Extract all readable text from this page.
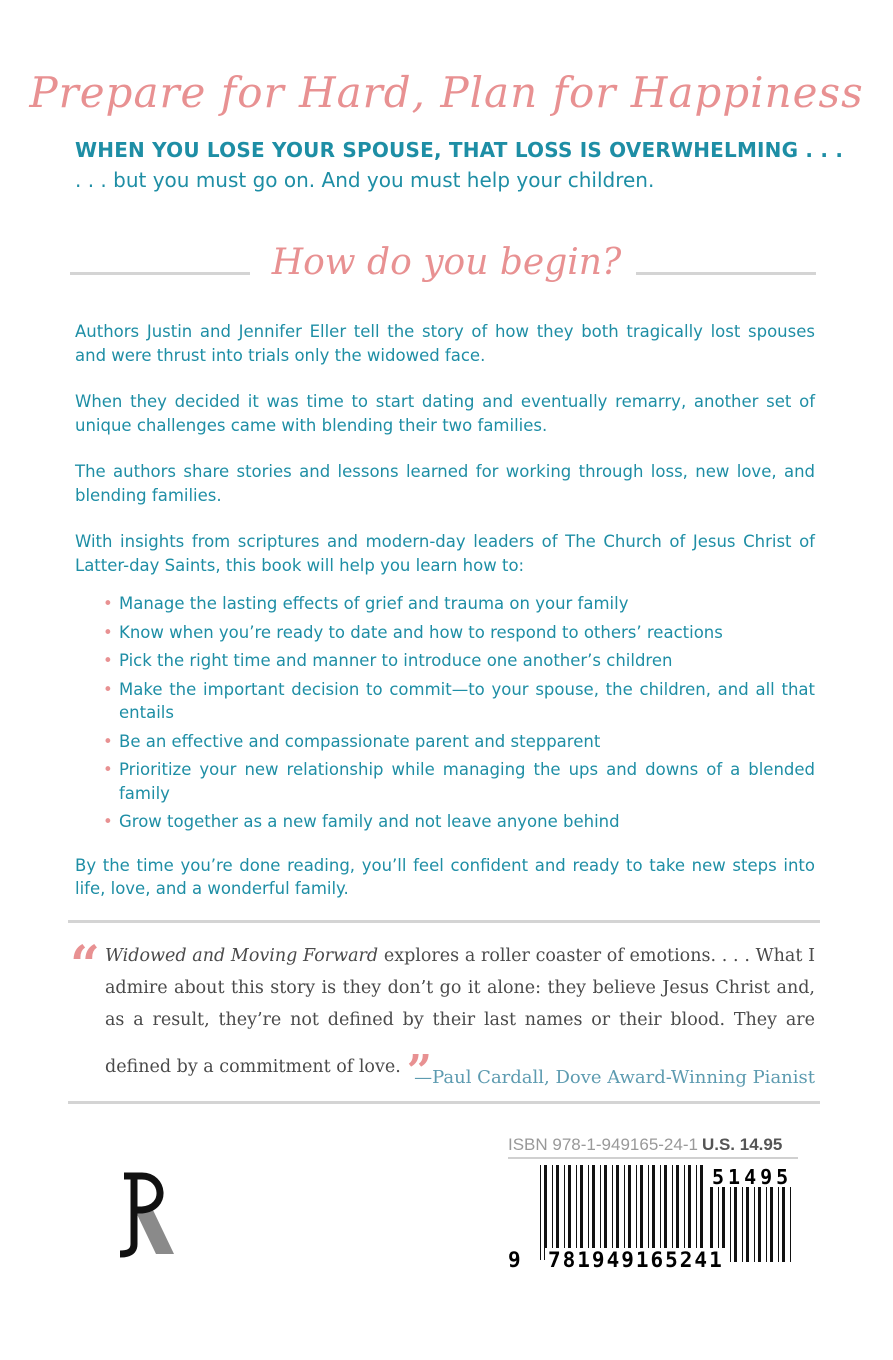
Prepare for Hard, Plan for Happiness
WHEN YOU LOSE YOUR SPOUSE, THAT LOSS IS OVERWHELMING . . .
. . . but you must go on. And you must help your children.
How do you begin?

Authors Justin and Jennifer Eller tell the story of how they both tragically lost spouses and were thrust into trials only the widowed face.

When they decided it was time to start dating and eventually remarry, another set of unique challenges came with blending their two families.

The authors share stories and lessons learned for working through loss, new love, and blending families.

With insights from scriptures and modern-day leaders of The Church of Jesus Christ of Latter-day Saints, this book will help you learn how to:

• Manage the lasting effects of grief and trauma on your family
• Know when you’re ready to date and how to respond to others’ reactions
• Pick the right time and manner to introduce one another’s children
• Make the important decision to commit—to your spouse, the children, and all that entails
• Be an effective and compassionate parent and stepparent
• Prioritize your new relationship while managing the ups and downs of a blended family
• Grow together as a new family and not leave anyone behind

By the time you’re done reading, you’ll feel confident and ready to take new steps into life, love, and a wonderful family.

“ Widowed and Moving Forward explores a roller coaster of emotions. . . . What I admire about this story is they don’t go it alone: they believe Jesus Christ and, as a result, they’re not defined by their last names or their blood. They are defined by a commitment of love. ”
—Paul Cardall, Dove Award-Winning Pianist
ISBN 978-1-949165-24-1 U.S. 14.95
51495
9 781949165241
